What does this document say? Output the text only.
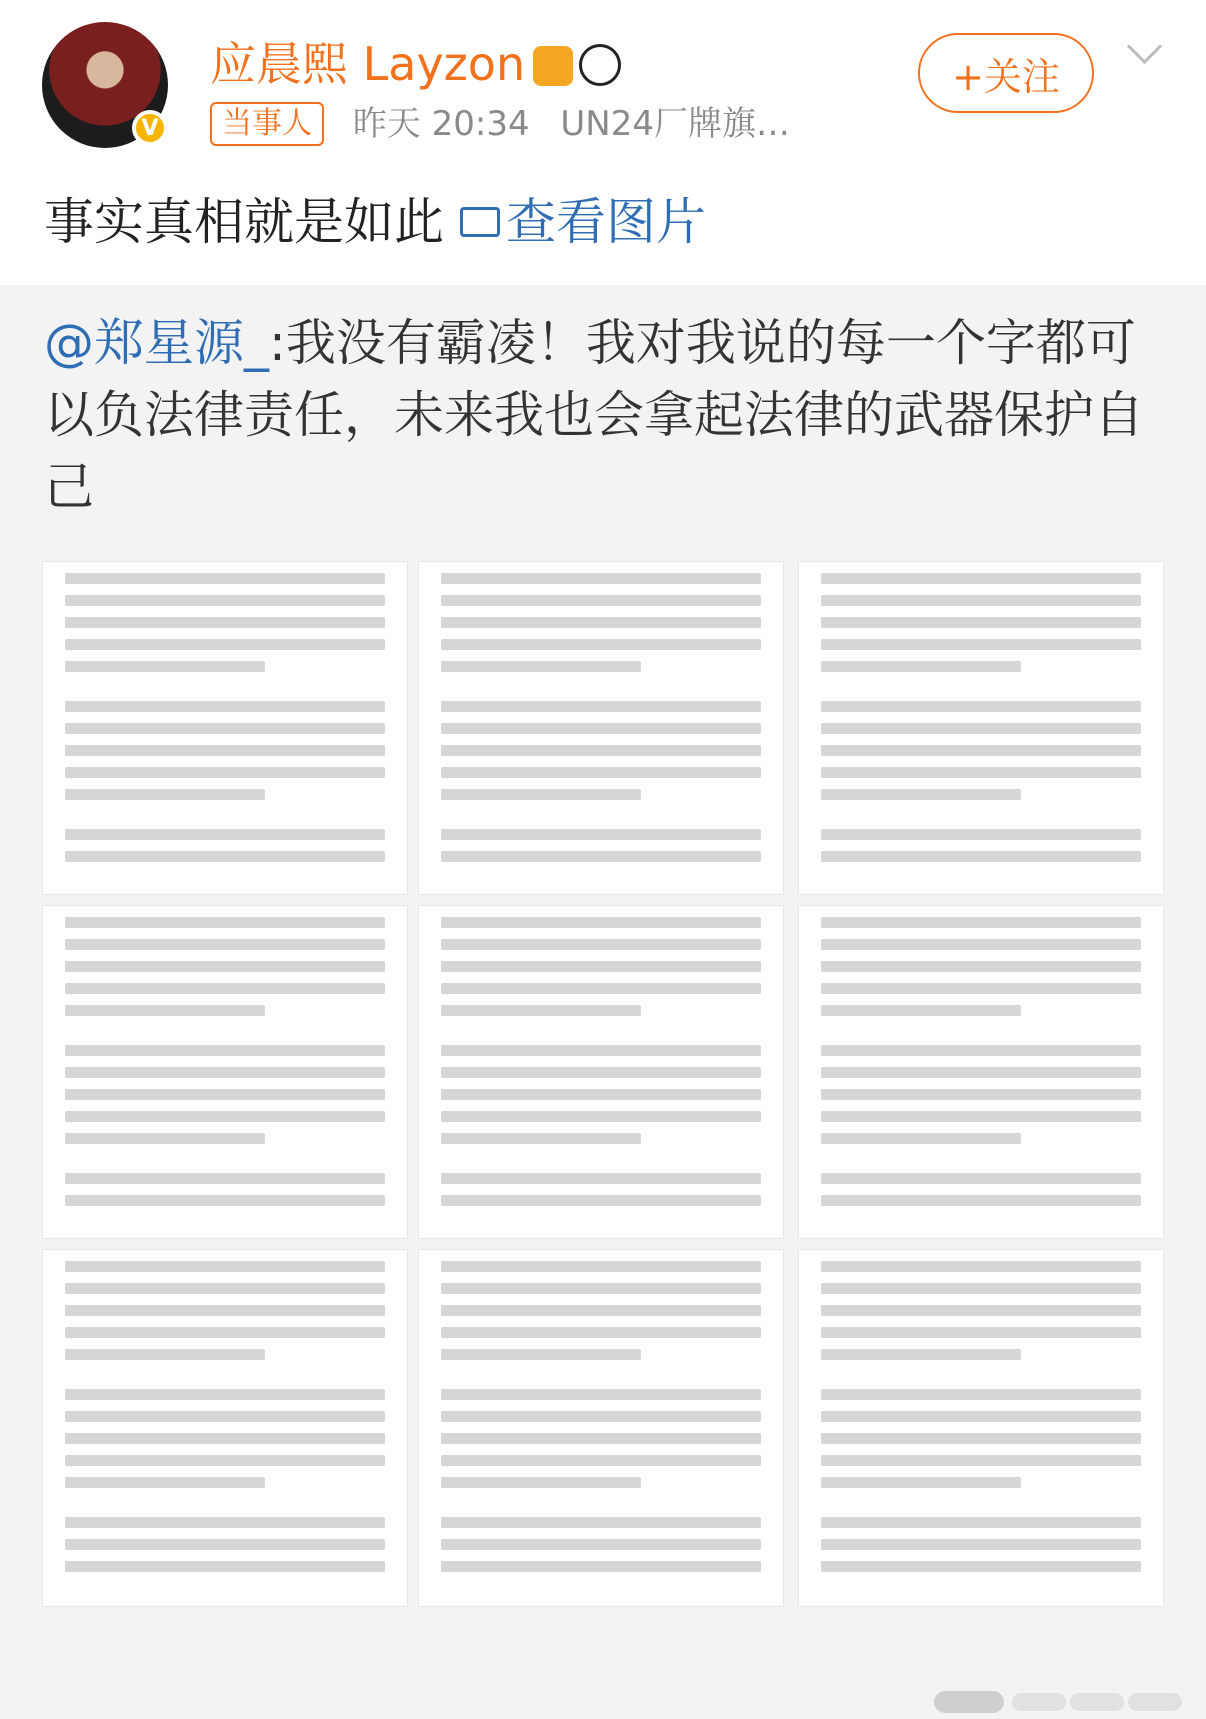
V
应晨熙 Layzon
当事人 昨天 20:34 UN24厂牌旗…
+关注
事实真相就是如此 查看图片
@郑星源_:我没有霸凌！我对我说的每一个字都可以负法律责任，未来我也会拿起法律的武器保护自己
